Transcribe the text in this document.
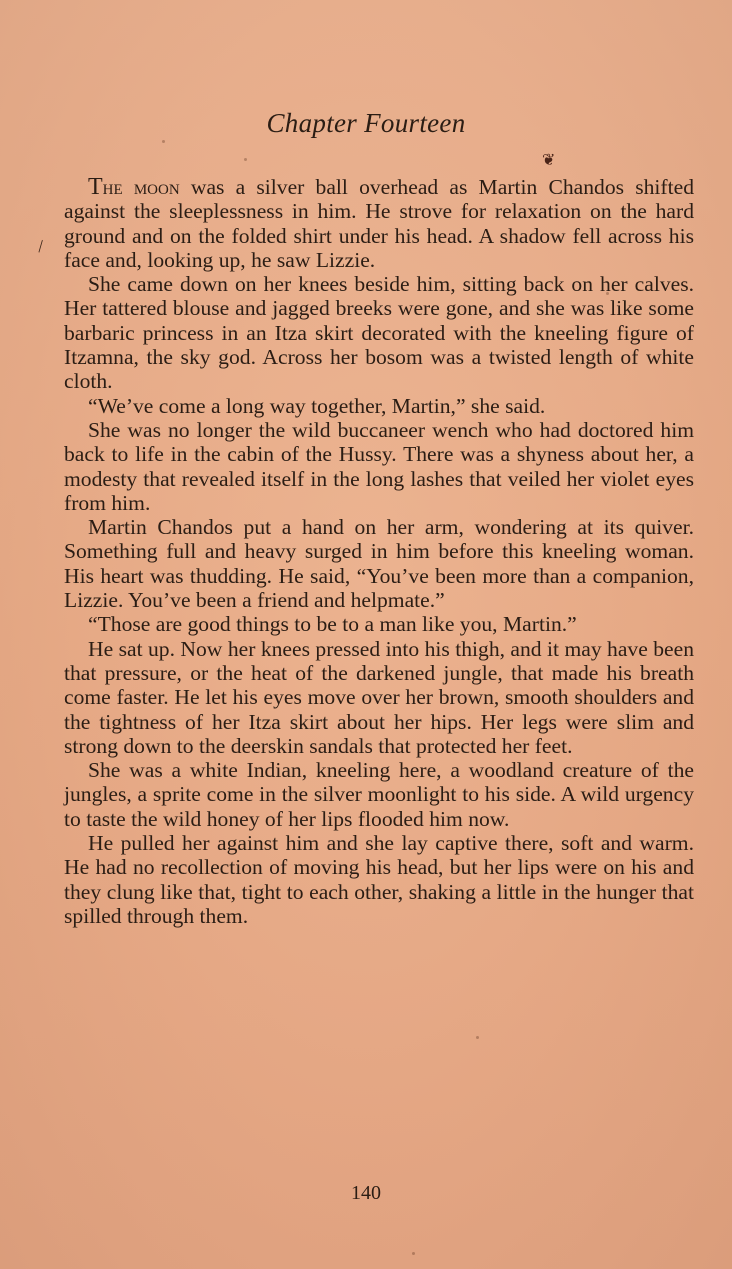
\
Chapter Fourteen
❦

The moon was a silver ball overhead as Martin Chandos shifted against the sleeplessness in him. He strove for relaxation on the hard ground and on the folded shirt under his head. A shadow fell across his face and, looking up, he saw Lizzie.

She came down on her knees beside him, sitting back on her calves. Her tattered blouse and jagged breeks were gone, and she was like some barbaric princess in an Itza skirt decorated with the kneeling figure of Itzamna, the sky god. Across her bosom was a twisted length of white cloth.

“We’ve come a long way together, Martin,” she said.

She was no longer the wild buccaneer wench who had doctored him back to life in the cabin of the Hussy. There was a shyness about her, a modesty that revealed itself in the long lashes that veiled her violet eyes from him.

Martin Chandos put a hand on her arm, wondering at its quiver. Something full and heavy surged in him before this kneeling woman. His heart was thudding. He said, “You’ve been more than a companion, Lizzie. You’ve been a friend and helpmate.”

“Those are good things to be to a man like you, Martin.”

He sat up. Now her knees pressed into his thigh, and it may have been that pressure, or the heat of the darkened jungle, that made his breath come faster. He let his eyes move over her brown, smooth shoulders and the tightness of her Itza skirt about her hips. Her legs were slim and strong down to the deerskin sandals that protected her feet.

She was a white Indian, kneeling here, a woodland creature of the jungles, a sprite come in the silver moonlight to his side. A wild urgency to taste the wild honey of her lips flooded him now.

He pulled her against him and she lay captive there, soft and warm. He had no recollection of moving his head, but her lips were on his and they clung like that, tight to each other, shaking a little in the hunger that spilled through them.

140
